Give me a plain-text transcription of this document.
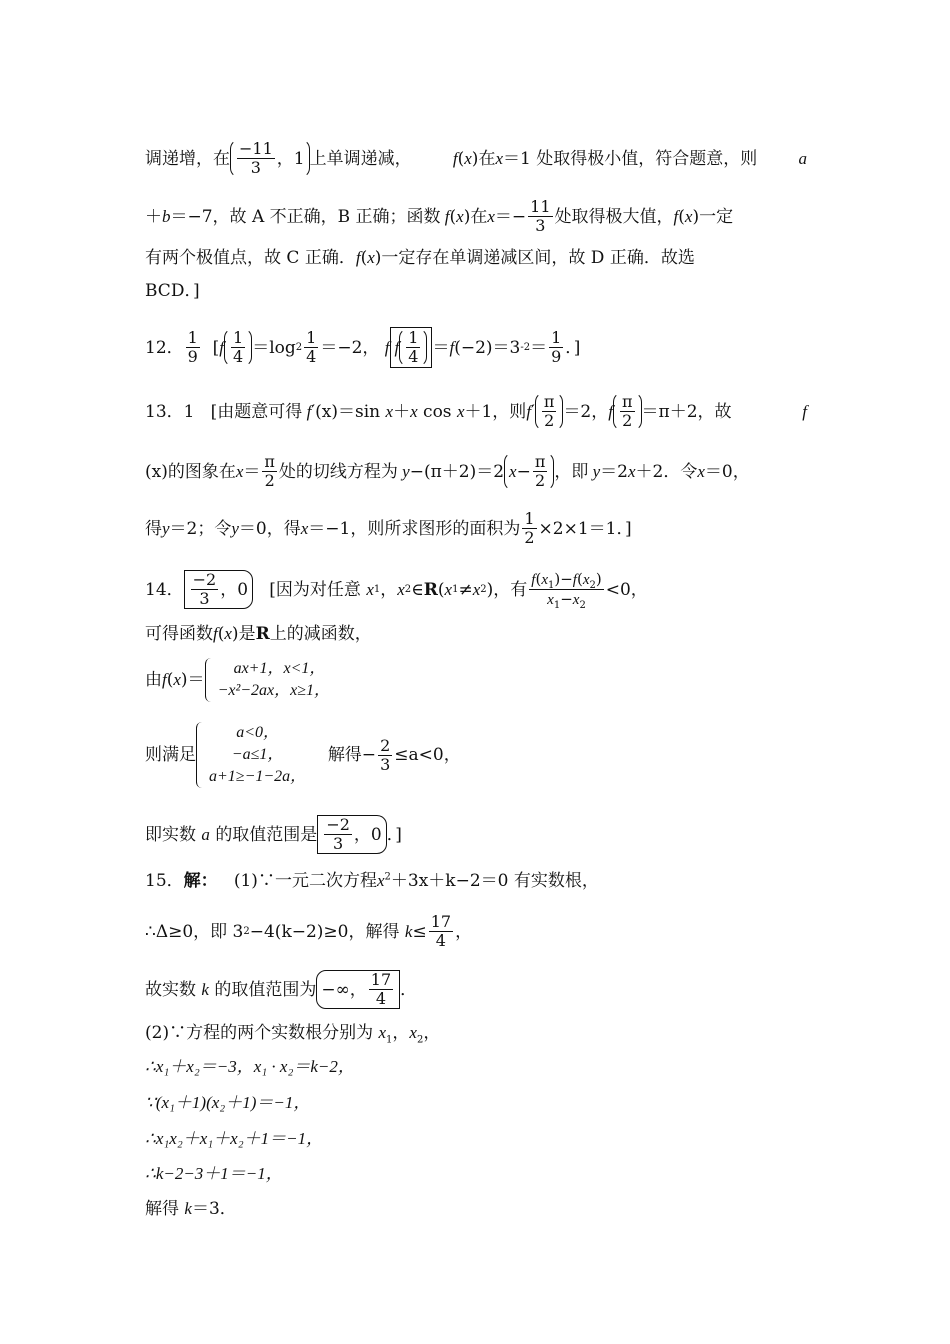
调递增，在 $\frac{-11}{3}$ ，1 上单调递减， f ( x ) 在 x ＝1 处取得极小值，符合题意，则 a
＋ b ＝−7，故 A 不正确，B 正确；函数 f ( x ) 在 $x =- \frac{11}{3}$ 处取得极大值， f ( x ) 一定
有两个极值点，故 C 正确． f ( x ) 一定存在单调递减区间，故 D 正确．故选
BCD．]
12． $\frac{1}{9}$
[ f $\frac{1}{4} =\log$ $2 \frac{1}{4} =-2$，
f f $\frac{1}{4} = f$ (−2)＝3 $-2 = \frac{1}{9}$ ．]
13．1
[由题意可得 f ′ (x)＝sin
x ＋ x
cos
x ＋1，则 f ′ $\frac{\pi}{2} =2$， f $\frac{\pi}{2} =\pi+2$，故	f
(x)的图象在 $x = \frac{\pi}{2}$ 处的切线方程为 y −(π＋2)＝2 $x - \frac{\pi}{2}$ ，即 y ＝2 x ＋2．令 x ＝0，
得 y ＝2；令 y ＝0，得 x ＝−1，则所求图形的面积为 $\frac{1}{2} \times 2\times 1=1$．]
14． $\frac{-2}{3}$ ，0
[因为对任意
x 1 ， x 2 ∈ R ( x 1 ≠ x 2 ) ，有 $\frac{f(x_1)-f(x_2)}{x_1-x_2} <0$，
可得函数f(x)是R上的减函数，
由 f ( x )＝
ax+1，x<1，
−x²−2ax，x≥1，
则满足
a<0，
−a≤1，
a+1≥−1−2a，

解得− $\frac{2}{3} \le a<0$，
即实数
a
的取值范围是 $\frac{-2}{3}$ ，0 ．]
15．解： (1)∵一元二次方程$x^2+3x+k-2=0$ 有实数根，
∴Δ≥0，即 3 2 −4(k−2)≥0，解得
$k \le \frac{17}{4}$ ，
故实数
k
的取值范围为 −∞， $\frac{17}{4}$ ．
(2)∵方程的两个实数根分别为 $x_1$，$x_2$，
∴x₁＋x₂＝−3，x₁ · x₂＝k−2，
∵(x₁＋1)(x₂＋1)＝−1，
∴x₁x₂＋x₁＋x₂＋1＝−1，
∴k−2−3＋1＝−1，
解得 k＝3．
